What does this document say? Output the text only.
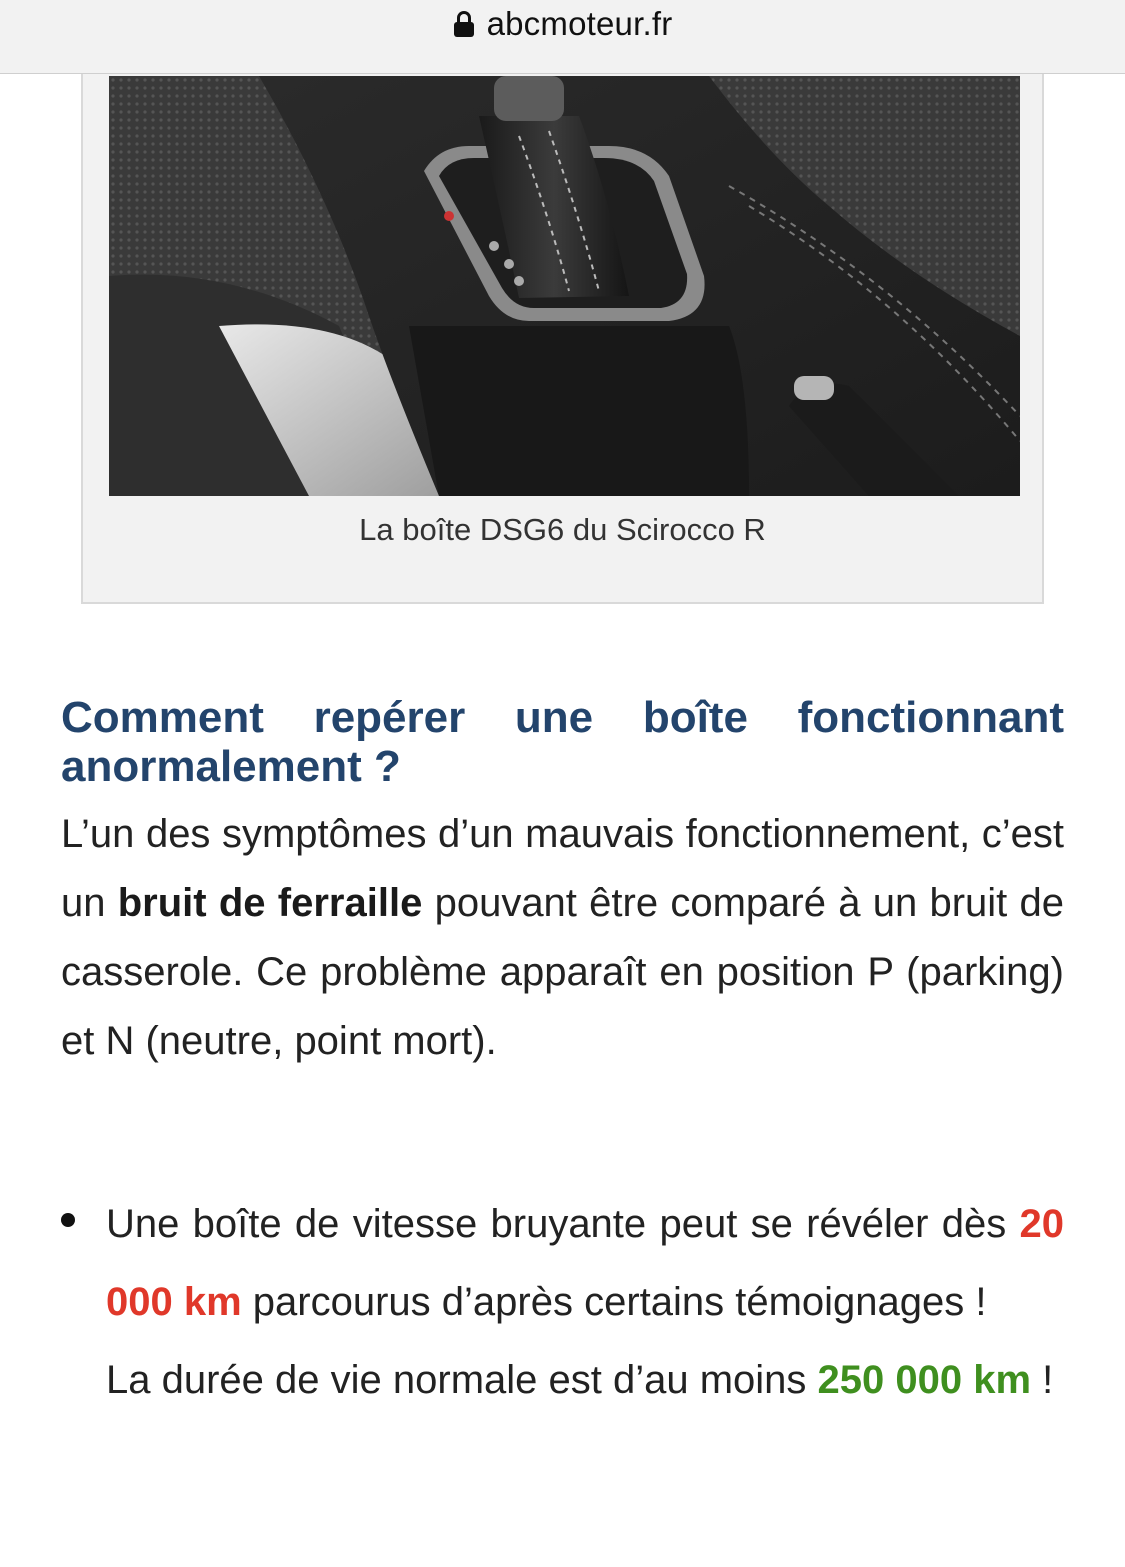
abcmoteur.fr
La boîte DSG6 du Scirocco R
Comment repérer une boîte fonctionnant
anormalement ?

L’un des symptômes d’un mauvais fonctionnement, c’est un bruit de ferraille pouvant être comparé à un bruit de casserole. Ce problème apparaît en position P (parking) et N (neutre, point mort).

Une boîte de vitesse bruyante peut se révéler dès 20 000 km parcourus d’après certains témoignages !
La durée de vie normale est d’au moins 250 000 km !
